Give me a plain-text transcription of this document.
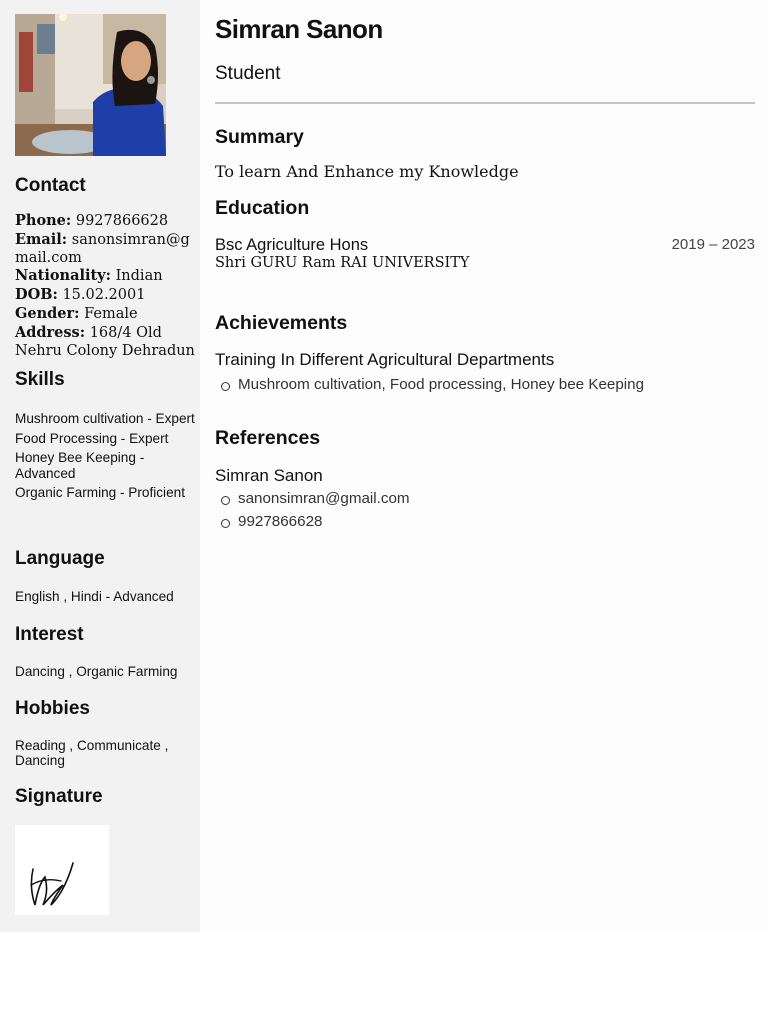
Contact
Phone: 9927866628
Email: sanonsimran@gmail.com
Nationality: Indian
DOB: 15.02.2001
Gender: Female
Address: 168/4 Old Nehru Colony Dehradun
Skills
Mushroom cultivation - Expert
Food Processing - Expert
Honey Bee Keeping - Advanced
Organic Farming - Proficient
Language
English , Hindi - Advanced
Interest
Dancing , Organic Farming
Hobbies
Reading , Communicate , Dancing
Signature
Simran Sanon
Student
Summary
To learn And Enhance my Knowledge
Education
Bsc Agriculture Hons	2019 – 2023
Shri GURU Ram RAI UNIVERSITY
Achievements
Training In Different Agricultural Departments
Mushroom cultivation, Food processing, Honey bee Keeping
References
Simran Sanon
sanonsimran@gmail.com
9927866628
